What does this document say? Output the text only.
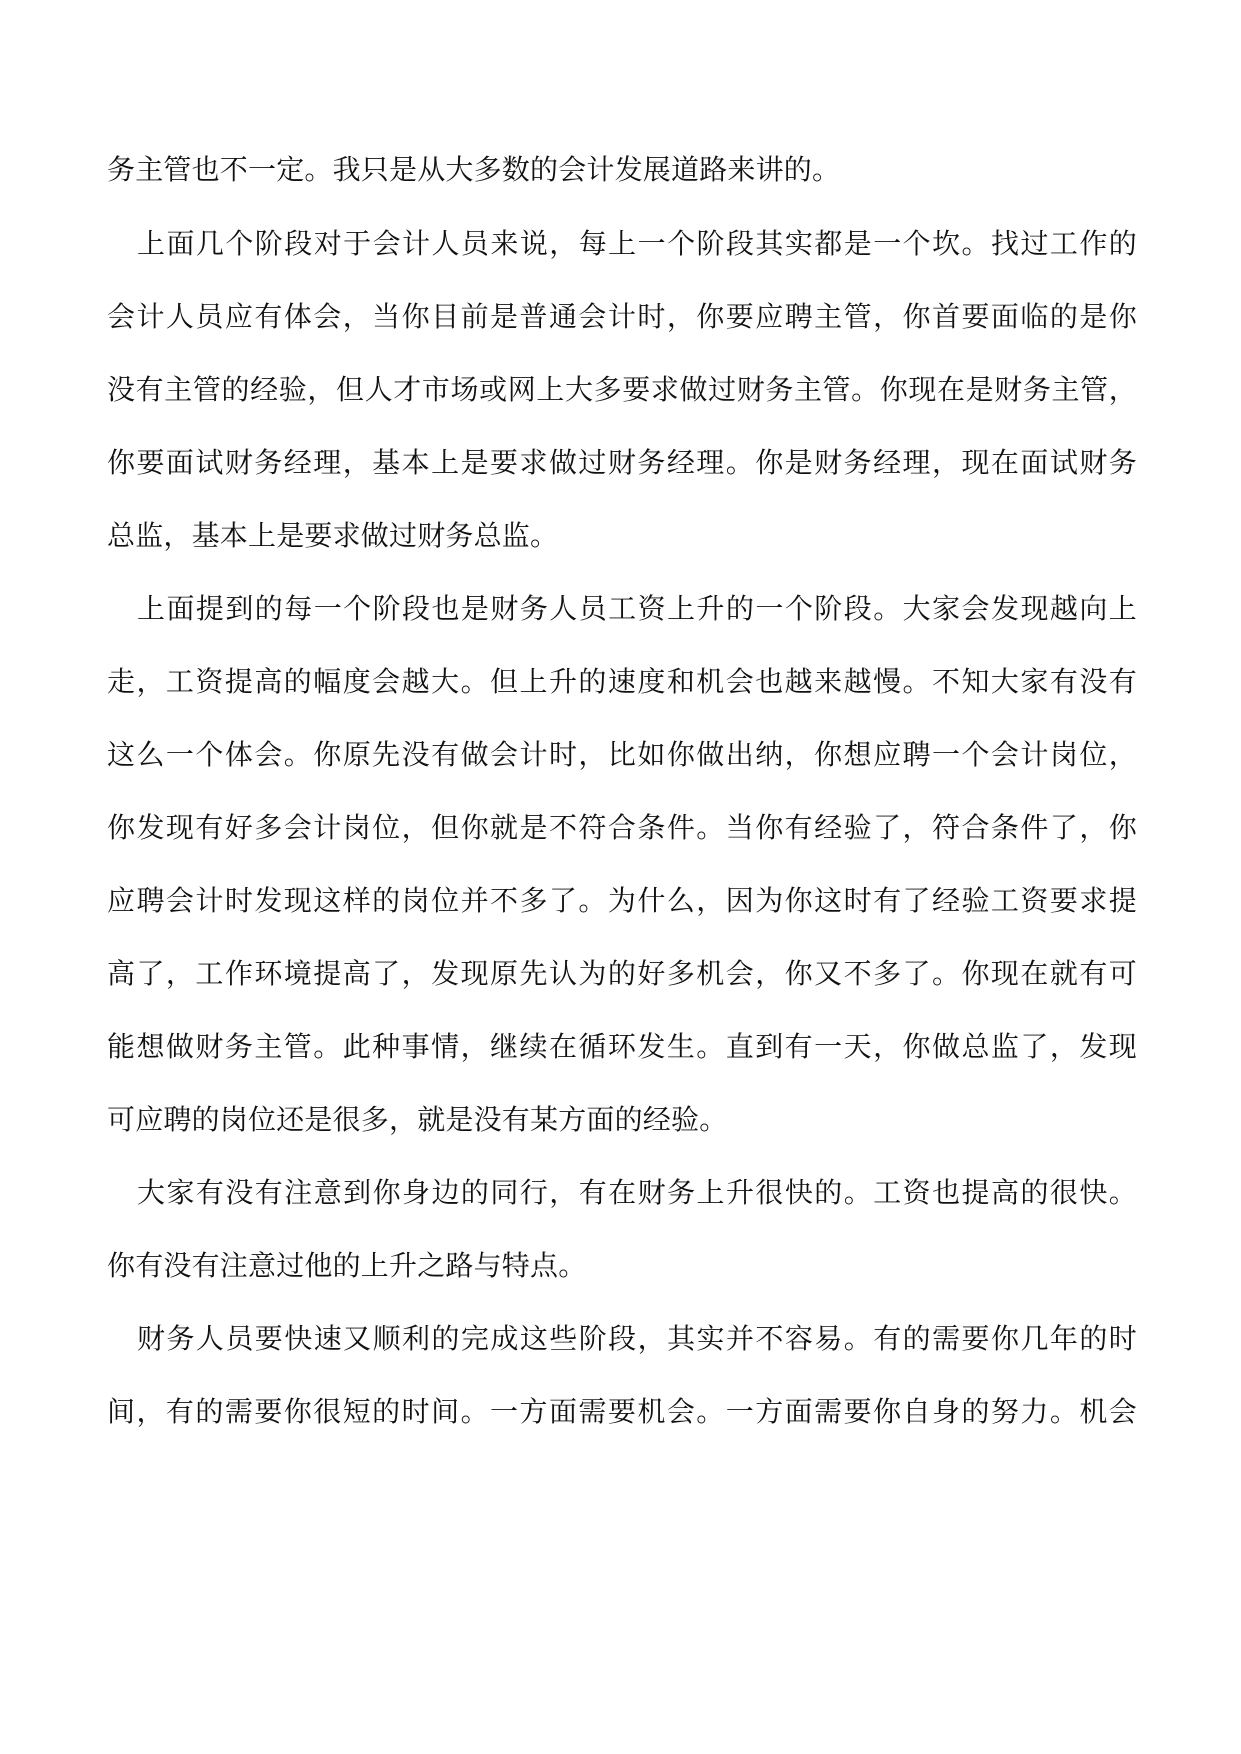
务主管也不一定。我只是从大多数的会计发展道路来讲的。
上面几个阶段对于会计人员来说，每上一个阶段其实都是一个坎。找过工作的
会计人员应有体会，当你目前是普通会计时，你要应聘主管，你首要面临的是你
没有主管的经验，但人才市场或网上大多要求做过财务主管。你现在是财务主管，
你要面试财务经理，基本上是要求做过财务经理。你是财务经理，现在面试财务
总监，基本上是要求做过财务总监。
上面提到的每一个阶段也是财务人员工资上升的一个阶段。大家会发现越向上
走，工资提高的幅度会越大。但上升的速度和机会也越来越慢。不知大家有没有
这么一个体会。你原先没有做会计时，比如你做出纳，你想应聘一个会计岗位，
你发现有好多会计岗位，但你就是不符合条件。当你有经验了，符合条件了，你
应聘会计时发现这样的岗位并不多了。为什么，因为你这时有了经验工资要求提
高了，工作环境提高了，发现原先认为的好多机会，你又不多了。你现在就有可
能想做财务主管。此种事情，继续在循环发生。直到有一天，你做总监了，发现
可应聘的岗位还是很多，就是没有某方面的经验。
大家有没有注意到你身边的同行，有在财务上升很快的。工资也提高的很快。
你有没有注意过他的上升之路与特点。
财务人员要快速又顺利的完成这些阶段，其实并不容易。有的需要你几年的时
间，有的需要你很短的时间。一方面需要机会。一方面需要你自身的努力。机会
